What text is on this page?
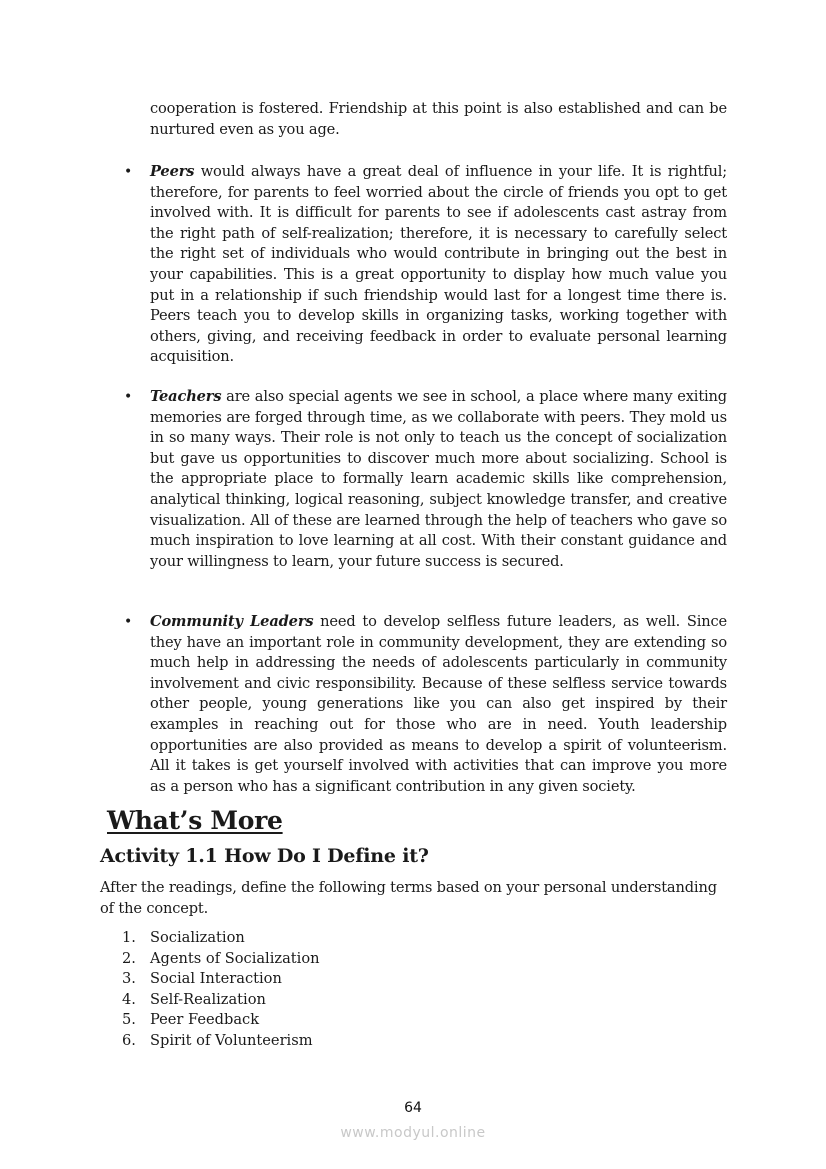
cooperation is fostered. Friendship at this point is also established and can be nurtured even as you age.

• Peers would always have a great deal of influence in your life. It is rightful; therefore, for parents to feel worried about the circle of friends you opt to get involved with. It is difficult for parents to see if adolescents cast astray from the right path of self-realization; therefore, it is necessary to carefully select the right set of individuals who would contribute in bringing out the best in your capabilities. This is a great opportunity to display how much value you put in a relationship if such friendship would last for a longest time there is. Peers teach you to develop skills in organizing tasks, working together with others, giving, and receiving feedback in order to evaluate personal learning acquisition.
• Teachers are also special agents we see in school, a place where many exiting memories are forged through time, as we collaborate with peers. They mold us in so many ways. Their role is not only to teach us the concept of socialization but gave us opportunities to discover much more about socializing. School is the appropriate place to formally learn academic skills like comprehension, analytical thinking, logical reasoning, subject knowledge transfer, and creative visualization. All of these are learned through the help of teachers who gave so much inspiration to love learning at all cost. With their constant guidance and your willingness to learn, your future success is secured.
• Community Leaders need to develop selfless future leaders, as well. Since they have an important role in community development, they are extending so much help in addressing the needs of adolescents particularly in community involvement and civic responsibility. Because of these selfless service towards other people, young generations like you can also get inspired by their examples in reaching out for those who are in need. Youth leadership opportunities are also provided as means to develop a spirit of volunteerism. All it takes is get yourself involved with activities that can improve you more as a person who has a significant contribution in any given society.
What’s More
Activity 1.1 How Do I Define it?

After the readings, define the following terms based on your personal understanding of the concept.

1. Socialization
2. Agents of Socialization
3. Social Interaction
4. Self-Realization
5. Peer Feedback
6. Spirit of Volunteerism
64
www.modyul.online
